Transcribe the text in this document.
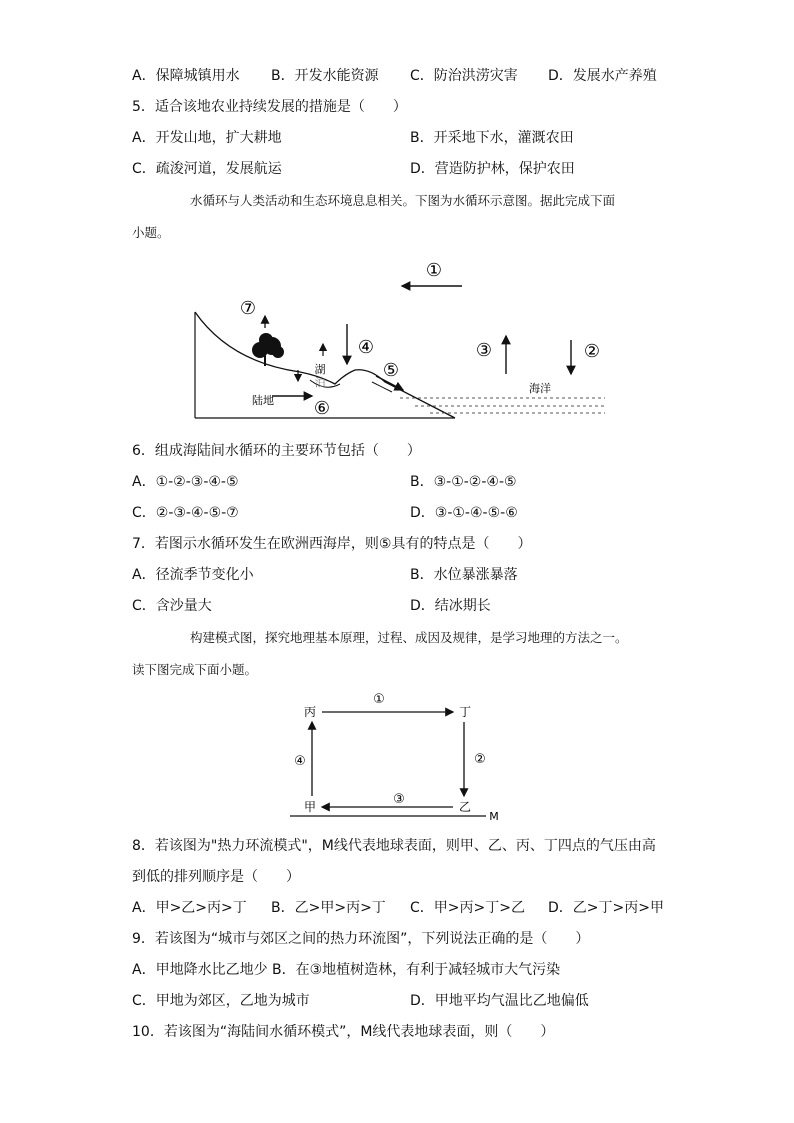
A．保障城镇用水 B．开发水能资源 C．防治洪涝灾害 D．发展水产养殖
5．适合该地农业持续发展的措施是（　　）
A．开发山地，扩大耕地	B．开采地下水，灌溉农田
C．疏浚河道，发展航运	D．营造防护林，保护农田
水循环与人类活动和生态环境息息相关。下图为水循环示意图。据此完成下面
小题。
①
⑦
湖
泊
④
⑤
⑥
陆地
③	②
海洋
6．组成海陆间水循环的主要环节包括（　　）
A．①-②-③-④-⑤	B．③-①-②-④-⑤
C．②-③-④-⑤-⑦	D．③-①-④-⑤-⑥
7．若图示水循环发生在欧洲西海岸，则⑤具有的特点是（　　）
A．径流季节变化小	B．水位暴涨暴落
C．含沙量大	D．结冰期长
构建模式图，探究地理基本原理，过程、成因及规律，是学习地理的方法之一。
读下图完成下面小题。
M
丙	丁
甲	乙
①
②
③
④
8．若该图为"热力环流模式"，M线代表地球表面，则甲、乙、丙、丁四点的气压由高
到低的排列顺序是（　　）
A．甲>乙>丙>丁 B．乙>甲>丙>丁 C．甲>丙>丁>乙 D．乙>丁>丙>甲
9．若该图为“城市与郊区之间的热力环流图”，下列说法正确的是（　　）
A．甲地降水比乙地少 B．在③地植树造林，有利于减轻城市大气污染
C．甲地为郊区，乙地为城市	D．甲地平均气温比乙地偏低
10．若该图为“海陆间水循环模式”，M线代表地球表面，则（　　）
